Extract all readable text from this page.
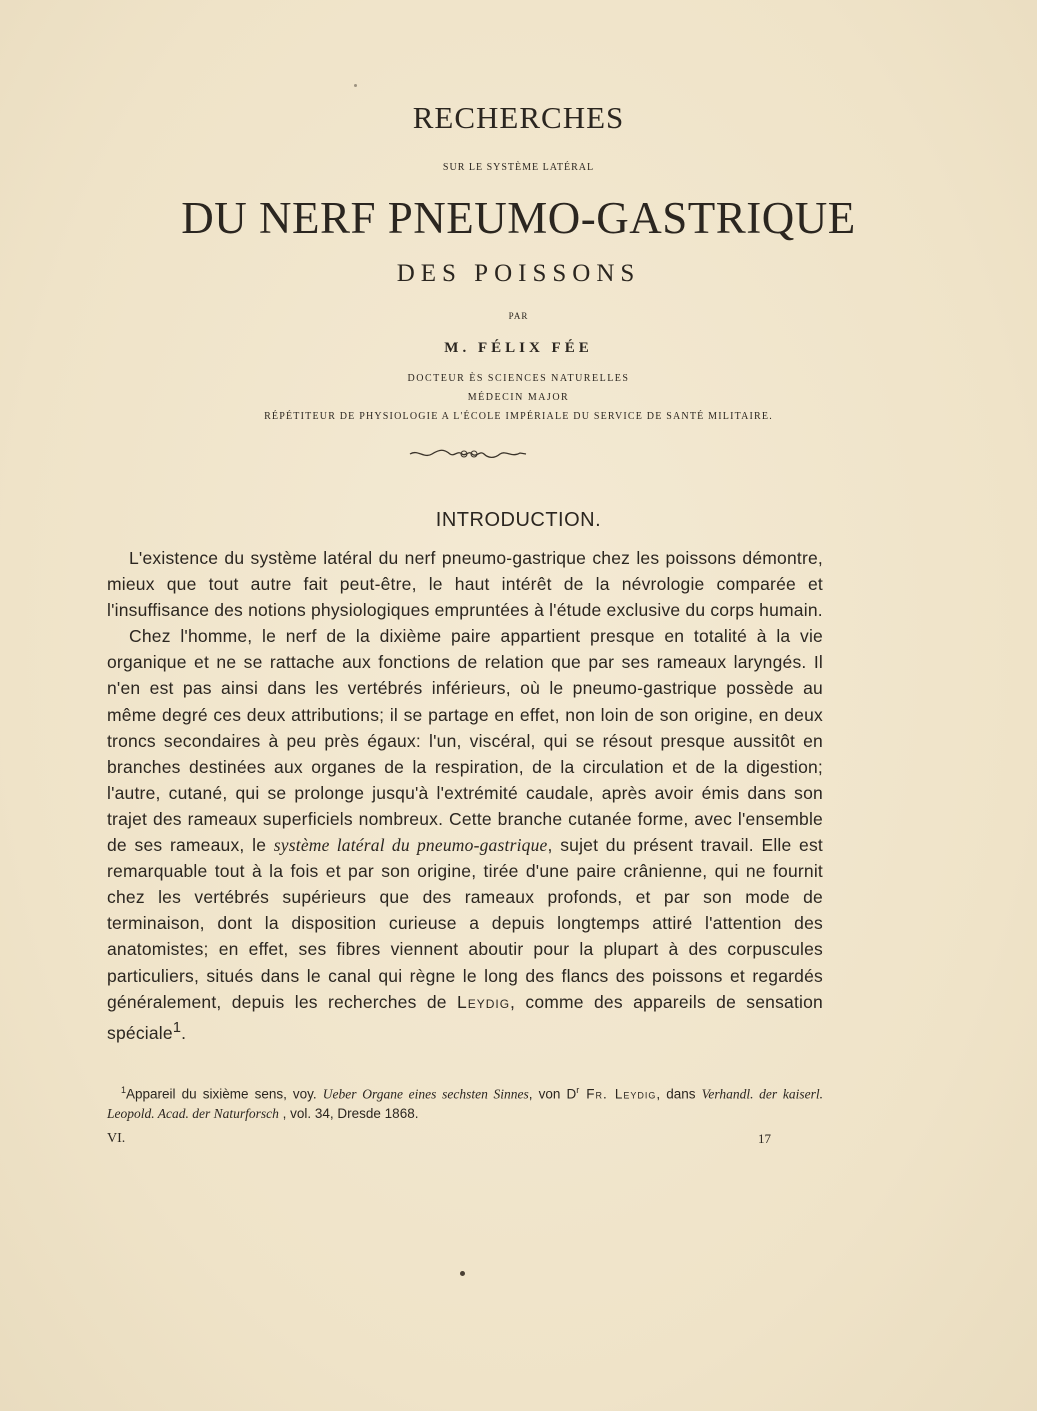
RECHERCHES
SUR LE SYSTÈME LATÉRAL
DU NERF PNEUMO-GASTRIQUE
DES POISSONS
PAR
M. FÉLIX FÉE
DOCTEUR ÈS SCIENCES NATURELLES
MÉDECIN MAJOR
RÉPÉTITEUR DE PHYSIOLOGIE A L'ÉCOLE IMPÉRIALE DU SERVICE DE SANTÉ MILITAIRE.
INTRODUCTION.

L'existence du système latéral du nerf pneumo-gastrique chez les poissons démontre, mieux que tout autre fait peut-être, le haut intérêt de la névrologie comparée et l'insuffisance des notions physiologiques empruntées à l'étude exclusive du corps humain.

Chez l'homme, le nerf de la dixième paire appartient presque en totalité à la vie organique et ne se rattache aux fonctions de relation que par ses rameaux laryngés. Il n'en est pas ainsi dans les vertébrés inférieurs, où le pneumo-gastrique possède au même degré ces deux attributions; il se partage en effet, non loin de son origine, en deux troncs secondaires à peu près égaux: l'un, viscéral, qui se résout presque aussitôt en branches destinées aux organes de la respiration, de la circulation et de la digestion; l'autre, cutané, qui se prolonge jusqu'à l'extrémité caudale, après avoir émis dans son trajet des rameaux superficiels nombreux. Cette branche cutanée forme, avec l'ensemble de ses rameaux, le système latéral du pneumo-gastrique, sujet du présent travail. Elle est remarquable tout à la fois et par son origine, tirée d'une paire crânienne, qui ne fournit chez les vertébrés supérieurs que des rameaux profonds, et par son mode de terminaison, dont la disposition curieuse a depuis longtemps attiré l'attention des anatomistes; en effet, ses fibres viennent aboutir pour la plupart à des corpuscules particuliers, situés dans le canal qui règne le long des flancs des poissons et regardés généralement, depuis les recherches de Leydig, comme des appareils de sensation spéciale$^1$.

$^1$Appareil du sixième sens, voy. Ueber Organe eines sechsten Sinnes, von $D^r$ Fr. Leydig, dans Verhandl. der kaiserl. Leopold. Acad. der Naturforsch , vol. 34, Dresde 1868.

VI.	17
